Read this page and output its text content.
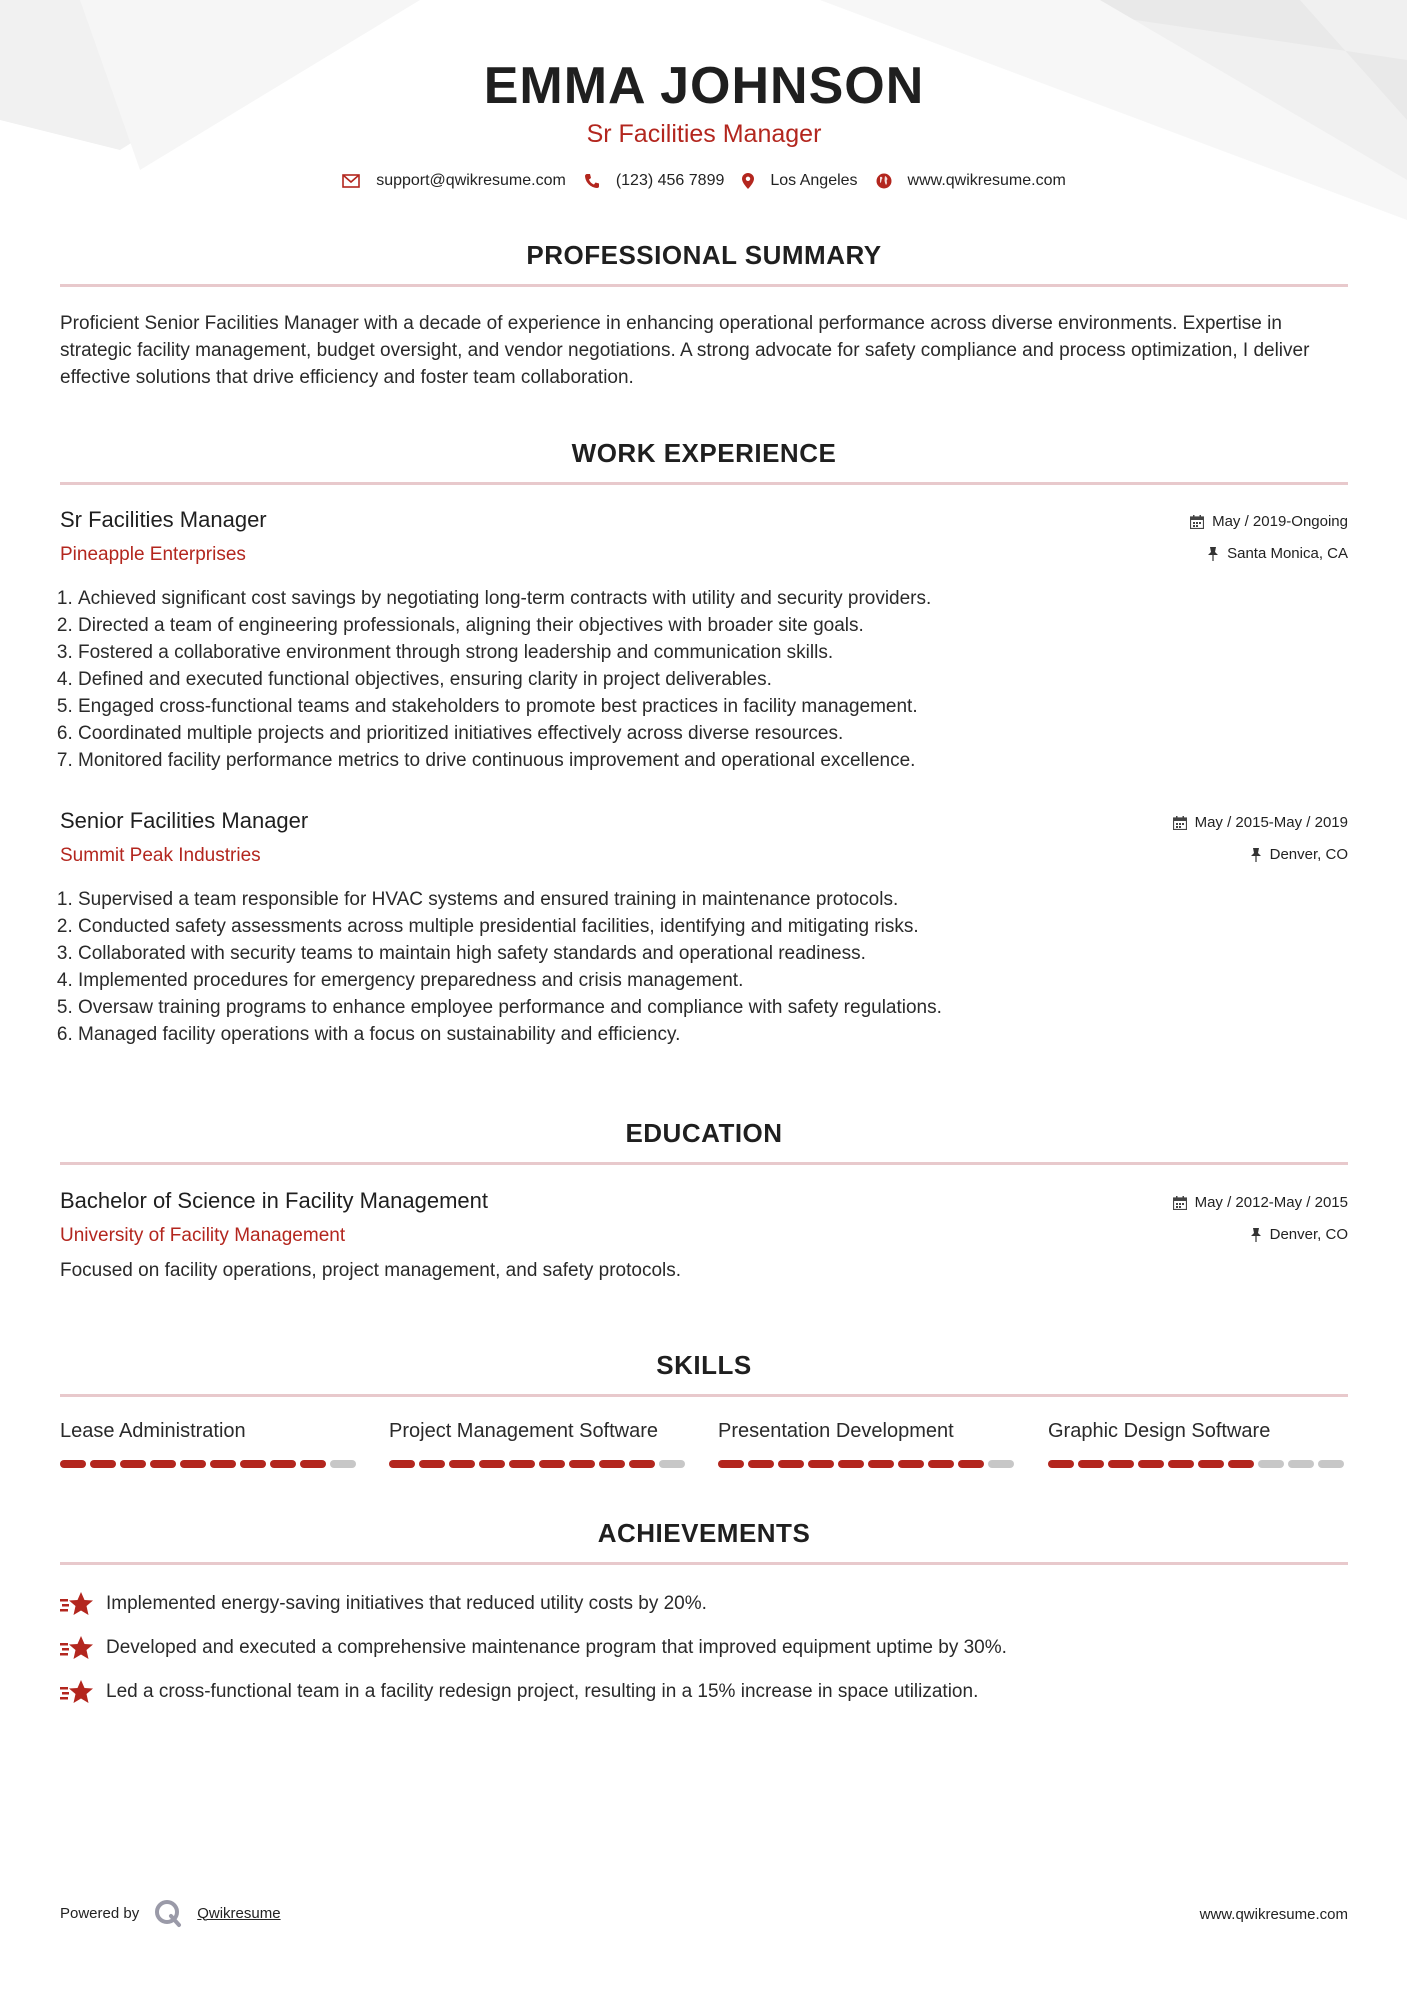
EMMA JOHNSON
Sr Facilities Manager
support@qwikresume.com	(123) 456 7899	Los Angeles	www.qwikresume.com
PROFESSIONAL SUMMARY
Proficient Senior Facilities Manager with a decade of experience in enhancing operational performance across diverse environments. Expertise in strategic facility management, budget oversight, and vendor negotiations. A strong advocate for safety compliance and process optimization, I deliver effective solutions that drive efficiency and foster team collaboration.
WORK EXPERIENCE
Sr Facilities Manager
Pineapple Enterprises
May / 2019-Ongoing
Santa Monica, CA
1. Achieved significant cost savings by negotiating long-term contracts with utility and security providers.
2. Directed a team of engineering professionals, aligning their objectives with broader site goals.
3. Fostered a collaborative environment through strong leadership and communication skills.
4. Defined and executed functional objectives, ensuring clarity in project deliverables.
5. Engaged cross-functional teams and stakeholders to promote best practices in facility management.
6. Coordinated multiple projects and prioritized initiatives effectively across diverse resources.
7. Monitored facility performance metrics to drive continuous improvement and operational excellence.
Senior Facilities Manager
Summit Peak Industries
May / 2015-May / 2019
Denver, CO
1. Supervised a team responsible for HVAC systems and ensured training in maintenance protocols.
2. Conducted safety assessments across multiple presidential facilities, identifying and mitigating risks.
3. Collaborated with security teams to maintain high safety standards and operational readiness.
4. Implemented procedures for emergency preparedness and crisis management.
5. Oversaw training programs to enhance employee performance and compliance with safety regulations.
6. Managed facility operations with a focus on sustainability and efficiency.
EDUCATION
Bachelor of Science in Facility Management
University of Facility Management
May / 2012-May / 2015
Denver, CO
Focused on facility operations, project management, and safety protocols.
SKILLS
Lease Administration	Project Management Software	Presentation Development	Graphic Design Software
ACHIEVEMENTS
Implemented energy-saving initiatives that reduced utility costs by 20%.
Developed and executed a comprehensive maintenance program that improved equipment uptime by 30%.
Led a cross-functional team in a facility redesign project, resulting in a 15% increase in space utilization.
Powered by	Qwikresume	www.qwikresume.com
